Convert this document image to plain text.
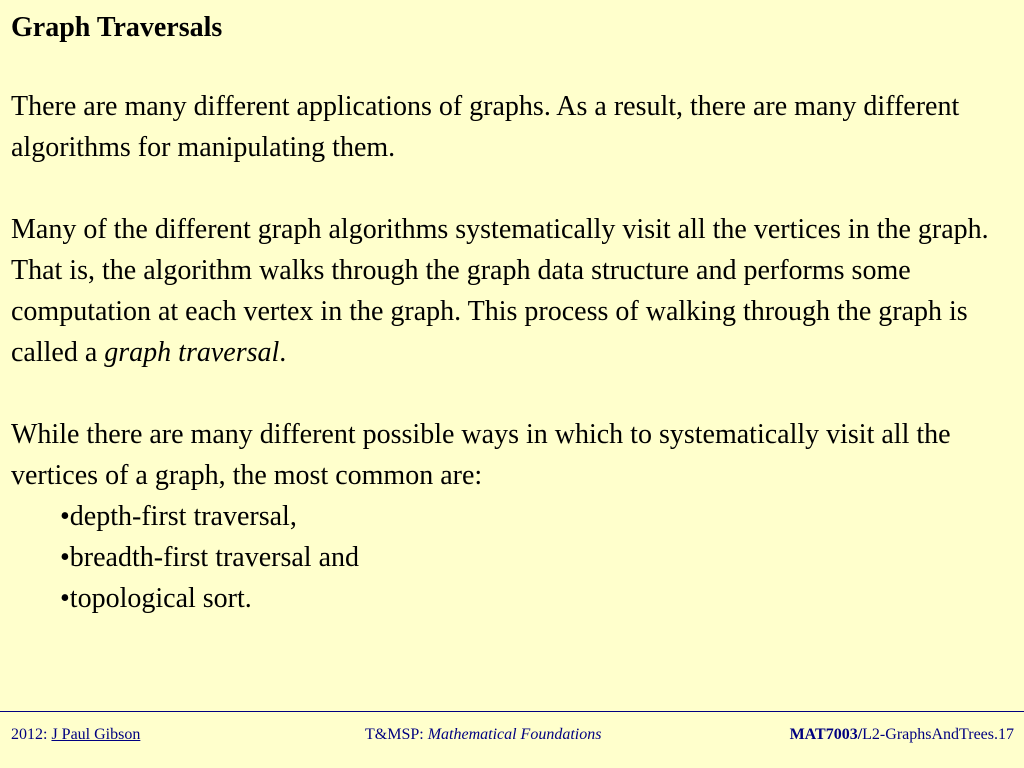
Graph Traversals

There are many different applications of graphs. As a result, there are many different algorithms for manipulating them.

Many of the different graph algorithms systematically visit all the vertices in the graph. That is, the algorithm walks through the graph data structure and performs some computation at each vertex in the graph. This process of walking through the graph is called a graph traversal.

While there are many different possible ways in which to systematically visit all the vertices of a graph, the most common are:

•depth-first traversal,
•breadth-first traversal and
•topological sort.
2012: J Paul Gibson	T&MSP: Mathematical Foundations	MAT7003/L2-GraphsAndTrees.17
